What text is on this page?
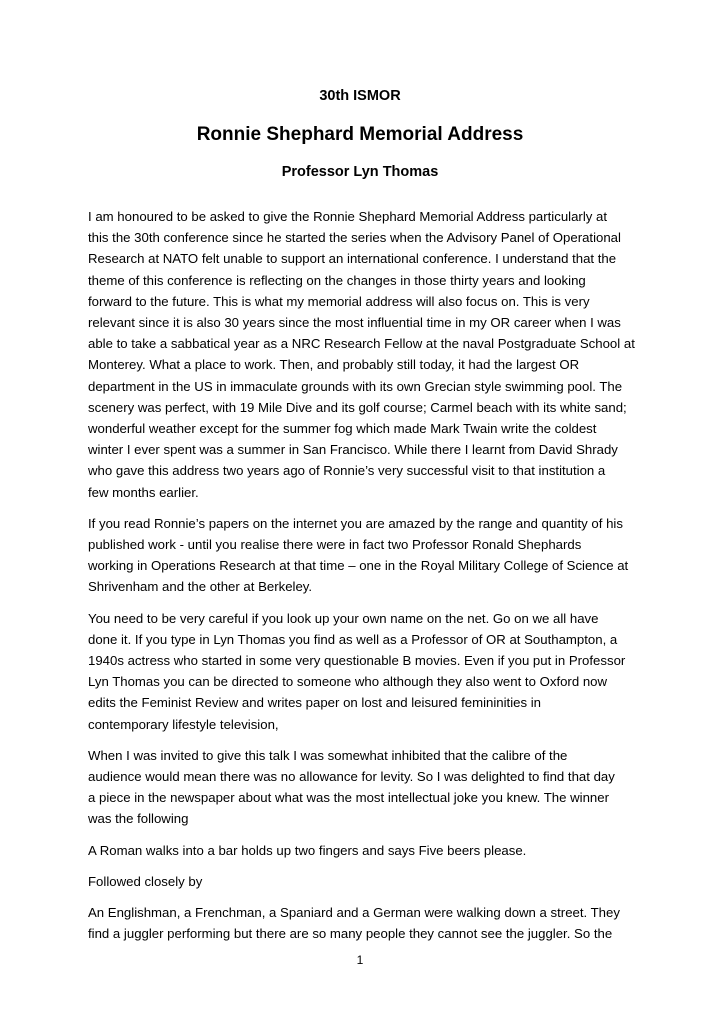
30th ISMOR
Ronnie Shephard Memorial Address
Professor Lyn Thomas

I am honoured to be asked to give the Ronnie Shephard Memorial Address particularly at
this the 30th conference since he started the series when the Advisory Panel of Operational
Research at NATO felt unable to support an international conference. I understand that the
theme of this conference is reflecting on the changes in those thirty years and looking
forward to the future. This is what my memorial address will also focus on. This is very
relevant since it is also 30 years since the most influential time in my OR career when I was
able to take a sabbatical year as a NRC Research Fellow at the naval Postgraduate School at
Monterey. What a place to work. Then, and probably still today, it had the largest OR
department in the US in immaculate grounds with its own Grecian style swimming pool. The
scenery was perfect, with 19 Mile Dive and its golf course; Carmel beach with its white sand;
wonderful weather except for the summer fog which made Mark Twain write the coldest
winter I ever spent was a summer in San Francisco. While there I learnt from David Shrady
who gave this address two years ago of Ronnie’s very successful visit to that institution a
few months earlier.

If you read Ronnie’s papers on the internet you are amazed by the range and quantity of his
published work - until you realise there were in fact two Professor Ronald Shephards
working in Operations Research at that time – one in the Royal Military College of Science at
Shrivenham and the other at Berkeley.

You need to be very careful if you look up your own name on the net. Go on we all have
done it. If you type in Lyn Thomas you find as well as a Professor of OR at Southampton, a
1940s actress who started in some very questionable B movies. Even if you put in Professor
Lyn Thomas you can be directed to someone who although they also went to Oxford now
edits the Feminist Review and writes paper on lost and leisured femininities in
contemporary lifestyle television,

When I was invited to give this talk I was somewhat inhibited that the calibre of the
audience would mean there was no allowance for levity. So I was delighted to find that day
a piece in the newspaper about what was the most intellectual joke you knew. The winner
was the following

A Roman walks into a bar holds up two fingers and says Five beers please.

Followed closely by

An Englishman, a Frenchman, a Spaniard and a German were walking down a street. They
find a juggler performing but there are so many people they cannot see the juggler. So the

1
